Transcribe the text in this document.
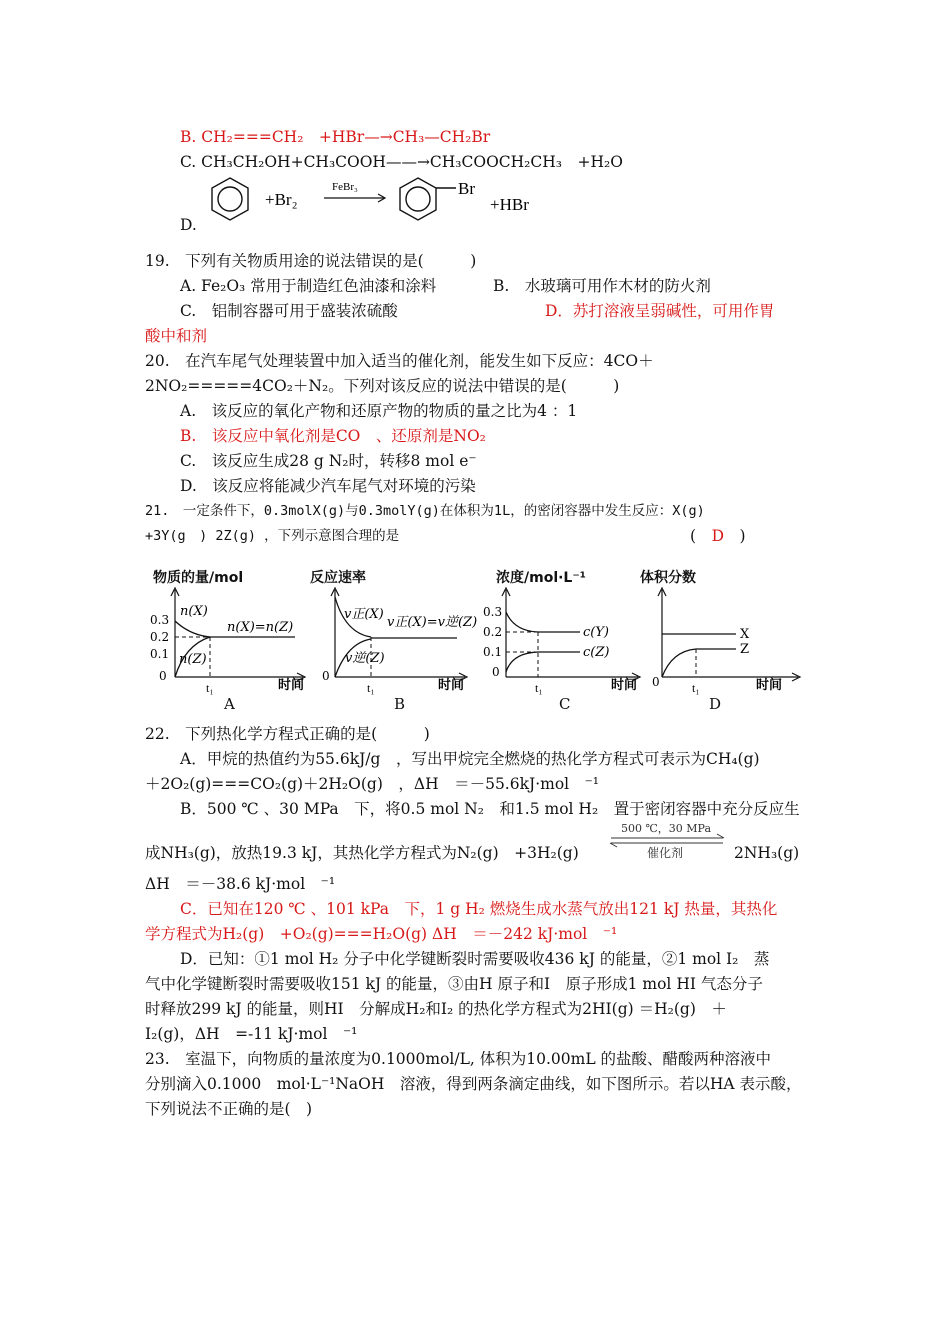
B. CH₂===CH₂　+HBr—→CH₃—CH₂Br
C. CH₃CH₂OH+CH₃COOH——→CH₃COOCH₂CH₃　+H₂O
D.
+Br₂
FeBr₃	Br
+HBr
19.　下列有关物质用途的说法错误的是(　　　)
A. Fe₂O₃ 常用于制造红色油漆和涂料	B.　水玻璃可用作木材的防火剂
C.　铝制容器可用于盛装浓硫酸	D．苏打溶液呈弱碱性，可用作胃
酸中和剂
20.　在汽车尾气处理装置中加入适当的催化剂，能发生如下反应：4CO＋
2NO₂=====4CO₂＋N₂。下列对该反应的说法中错误的是(　　　)
A.　该反应的氧化产物和还原产物的物质的量之比为4 ：1
B.　该反应中氧化剂是CO　、还原剂是NO₂
C.　该反应生成28 g N₂时，转移8 mol e⁻
D.　该反应将能减少汽车尾气对环境的污染
21.　一定条件下，0.3molX(g)与0.3molY(g)在体积为1L，的密闭容器中发生反应：X(g)
+3Y(g　) 2Z(g) ，下列示意图合理的是	(　D　)
物质的量/mol
0.3
0.2
0.1
0
n(X)
n(Z)
n(X)=n(Z)
t₁	时间
A
反应速率
0
v正(X)
v逆(Z)
v正(X)=v逆(Z)
t₁	时间
B
浓度/mol·L⁻¹
0.3
0.2
0.1
0
c(Y)
c(Z)
t₁	时间
C
体积分数
0
X
Z
t₁	时间
D
22.　下列热化学方程式正确的是(　　　)
A．甲烷的热值约为55.6kJ/g　，写出甲烷完全燃烧的热化学方程式可表示为CH₄(g)
＋2O₂(g)===CO₂(g)＋2H₂O(g)　，ΔH　＝－55.6kJ·mol　⁻¹
B．500 ℃ 、30 MPa　下，将0.5 mol N₂　和1.5 mol H₂　置于密闭容器中充分反应生
成NH₃(g)，放热19.3 kJ，其热化学方程式为N₂(g)　+3H₂(g)
500 ℃，30 MPa
催化剂	2NH₃(g)
ΔH　＝－38.6 kJ·mol　⁻¹
C．已知在120 ℃ 、101 kPa　下，1 g H₂ 燃烧生成水蒸气放出121 kJ 热量，其热化
学方程式为H₂(g)　+O₂(g)===H₂O(g) ΔH　＝－242 kJ·mol　⁻¹
D．已知：①1 mol H₂ 分子中化学键断裂时需要吸收436 kJ 的能量，②1 mol I₂　蒸
气中化学键断裂时需要吸收151 kJ 的能量，③由H 原子和I　原子形成1 mol HI 气态分子
时释放299 kJ 的能量，则HI　分解成H₂和I₂ 的热化学方程式为2HI(g) ＝H₂(g)　＋
I₂(g)，ΔH　=-11 kJ·mol　⁻¹
23.　室温下，向物质的量浓度为0.1000mol/L, 体积为10.00mL 的盐酸、醋酸两种溶液中
分别滴入0.1000　mol·L⁻¹NaOH　溶液，得到两条滴定曲线，如下图所示。若以HA 表示酸，
下列说法不正确的是(　)
